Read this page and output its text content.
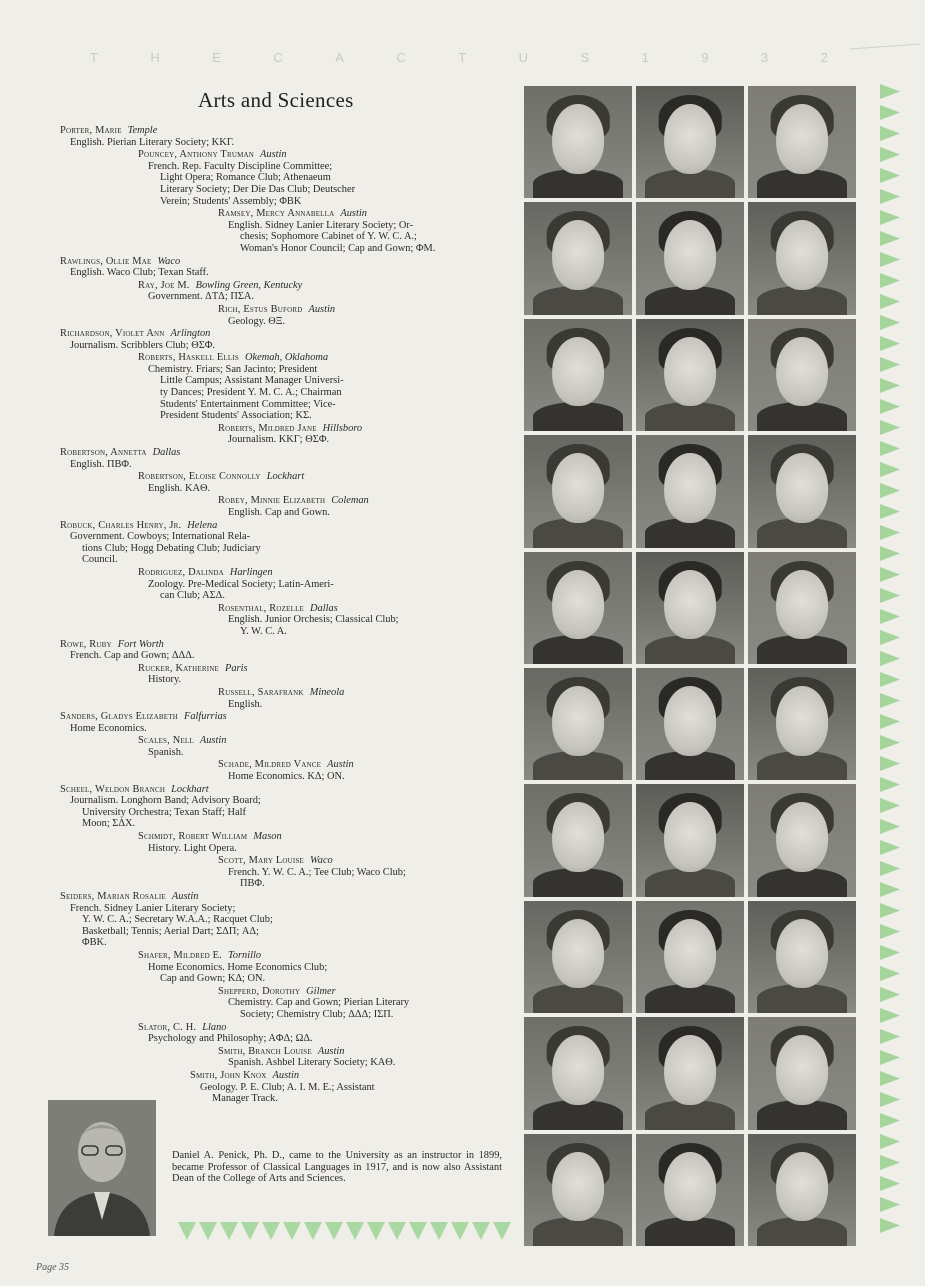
T	H	E	C	A	C	T	U	S	1	9	3	2
Arts and Sciences
Porter, Marie Temple
English. Pierian Literary Society; KKΓ.
Pouncey, Anthony Truman Austin
French. Rep. Faculty Discipline Committee;
Light Opera; Romance Club; Athenaeum
Literary Society; Der Die Das Club; Deutscher
Verein; Students' Assembly; ΦBK
Ramsey, Mercy Annabella Austin
English. Sidney Lanier Literary Society; Or-
chesis; Sophomore Cabinet of Y. W. C. A.;
Woman's Honor Council; Cap and Gown; ΦM.
Rawlings, Ollie Mae Waco
English. Waco Club; Texan Staff.
Ray, Joe M. Bowling Green, Kentucky
Government. ΔTΔ; ΠΣA.
Rich, Estus Buford Austin
Geology. ΘΞ.
Richardson, Violet Ann Arlington
Journalism. Scribblers Club; ΘΣΦ.
Roberts, Haskell Ellis Okemah, Oklahoma
Chemistry. Friars; San Jacinto; President
Little Campus; Assistant Manager Universi-
ty Dances; President Y. M. C. A.; Chairman
Students' Entertainment Committee; Vice-
President Students' Association; KΣ.
Roberts, Mildred Jane Hillsboro
Journalism. KKΓ; ΘΣΦ.
Robertson, Annetta Dallas
English. ΠBΦ.
Robertson, Eloise Connolly Lockhart
English. KAΘ.
Robey, Minnie Elizabeth Coleman
English. Cap and Gown.
Robuck, Charles Henry, Jr. Helena
Government. Cowboys; International Rela-
tions Club; Hogg Debating Club; Judiciary
Council.
Rodriguez, Dalinda Harlingen
Zoology. Pre-Medical Society; Latin-Ameri-
can Club; AΣΔ.
Rosenthal, Rozelle Dallas
English. Junior Orchesis; Classical Club;
Y. W. C. A.
Rowe, Ruby Fort Worth
French. Cap and Gown; ΔΔΔ.
Rucker, Katherine Paris
History.
Russell, Sarafrank Mineola
English.
Sanders, Gladys Elizabeth Falfurrias
Home Economics.
Scales, Nell Austin
Spanish.
Schade, Mildred Vance Austin
Home Economics. KΔ; ON.
Scheel, Weldon Branch Lockhart
Journalism. Longhorn Band; Advisory Board;
University Orchestra; Texan Staff; Half
Moon; ΣΔX.
Schmidt, Robert William Mason
History. Light Opera.
Scott, Mary Louise Waco
French. Y. W. C. A.; Tee Club; Waco Club;
ΠBΦ.
Seiders, Marian Rosalie Austin
French. Sidney Lanier Literary Society;
Y. W. C. A.; Secretary W.A.A.; Racquet Club;
Basketball; Tennis; Aerial Dart; ΣΔΠ; AΔ;
ΦBK.
Shafer, Mildred E. Tornillo
Home Economics. Home Economics Club;
Cap and Gown; KΔ; ON.
Shepperd, Dorothy Gilmer
Chemistry. Cap and Gown; Pierian Literary
Society; Chemistry Club; ΔΔΔ; IΣΠ.
Slator, C. H. Llano
Psychology and Philosophy; AΦΔ; ΩΔ.
Smith, Branch Louise Austin
Spanish. Ashbel Literary Society; KAΘ.
Smith, John Knox Austin
Geology. P. E. Club; A. I. M. E.; Assistant
Manager Track.
Daniel A. Penick, Ph. D., came to the University as an instructor in 1899, became Professor of Classical Languages in 1917, and is now also Assistant Dean of the College of Arts and Sciences.
Page 35
